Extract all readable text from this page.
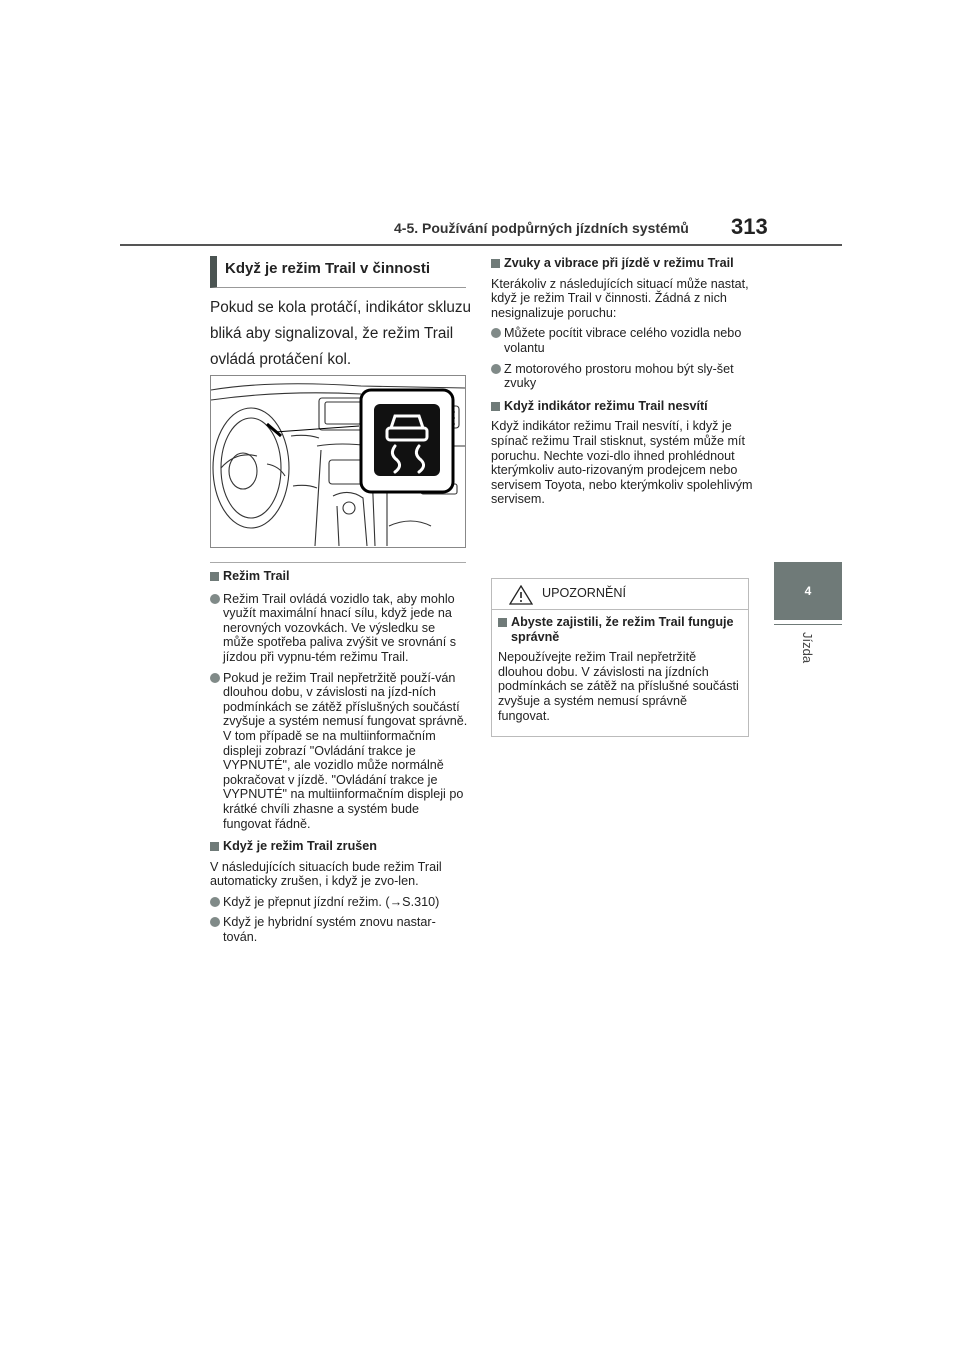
4-5. Používání podpůrných jízdních systémů 313
4
Jízda
Když je režim Trail v činnosti
Pokud se kola protáčí, indikátor skluzu bliká aby signalizoval, že režim Trail ovládá protáčení kol.
Režim Trail
Režim Trail ovládá vozidlo tak, aby mohlo využít maximální hnací sílu, když jede na nerovných vozovkách. Ve výsledku se může spotřeba paliva zvýšit ve srovnání s jízdou při vypnu-tém režimu Trail.
Pokud je režim Trail nepřetržitě použí-ván dlouhou dobu, v závislosti na jízd-ních podmínkách se zátěž příslušných součástí zvyšuje a systém nemusí fungovat správně. V tom případě se na multiinformačním displeji zobrazí "Ovládání trakce je VYPNUTÉ", ale vozidlo může normálně pokračovat v jízdě. "Ovládání trakce je VYPNUTÉ" na multiinformačním displeji po krátké chvíli zhasne a systém bude fungovat řádně.
Když je režim Trail zrušen
V následujících situacích bude režim Trail automaticky zrušen, i když je zvo-len.
Když je přepnut jízdní režim. (→S.310)
Když je hybridní systém znovu nastar-tován.
Zvuky a vibrace při jízdě v režimu Trail
Kterákoliv z následujících situací může nastat, když je režim Trail v činnosti. Žádná z nich nesignalizuje poruchu:
Můžete pocítit vibrace celého vozidla nebo volantu
Z motorového prostoru mohou být sly-šet zvuky
Když indikátor režimu Trail nesvítí
Když indikátor režimu Trail nesvítí, i když je spínač režimu Trail stisknut, systém může mít poruchu. Nechte vozi-dlo ihned prohlédnout kterýmkoliv auto-rizovaným prodejcem nebo servisem Toyota, nebo kterýmkoliv spolehlivým servisem.
UPOZORNĚNÍ
Abyste zajistili, že režim Trail funguje správně
Nepoužívejte režim Trail nepřetržitě dlouhou dobu. V závislosti na jízdních podmínkách se zátěž na příslušné součásti zvyšuje a systém nemusí správně fungovat.
